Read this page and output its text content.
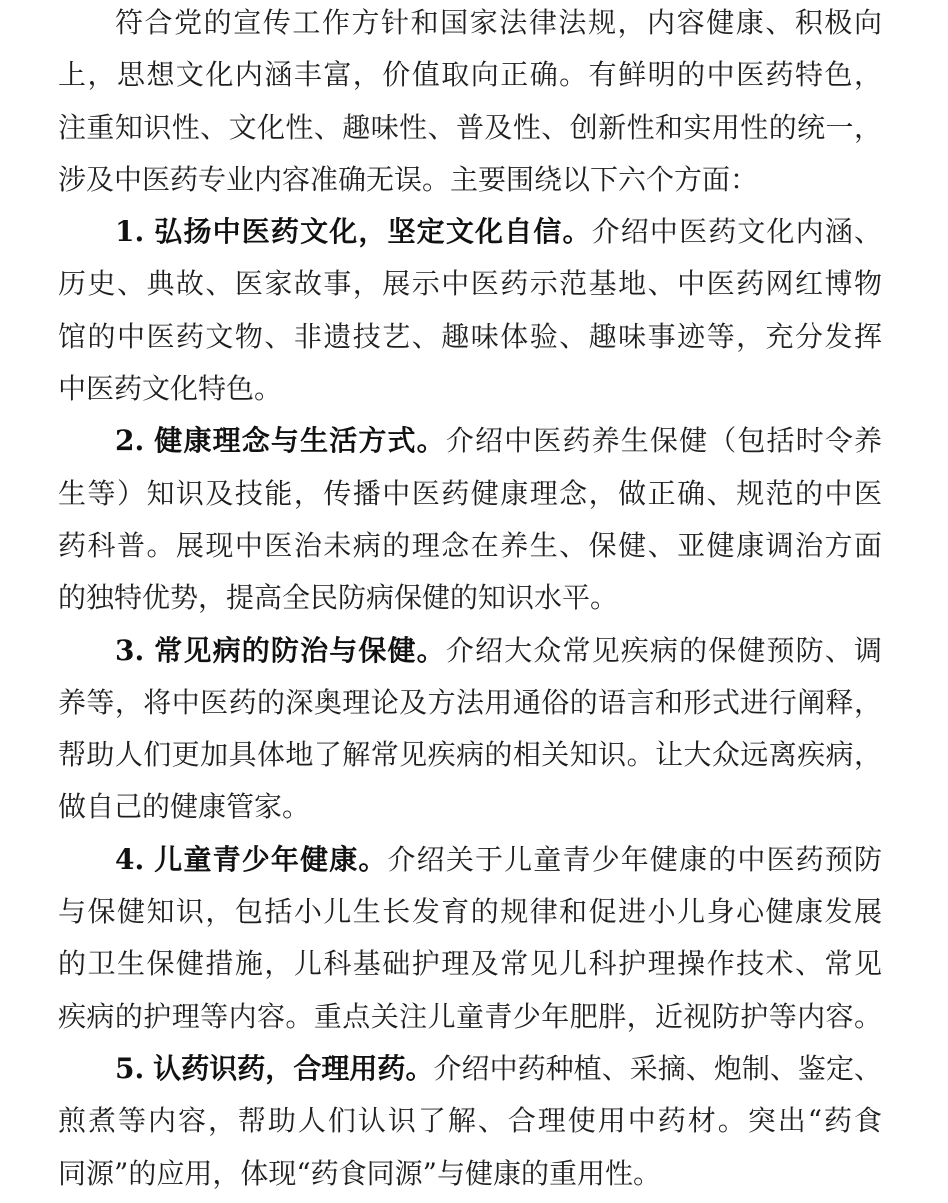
符合党的宣传工作方针和国家法律法规，内容健康、积极向
上，思想文化内涵丰富，价值取向正确。有鲜明的中医药特色，
注重知识性、文化性、趣味性、普及性、创新性和实用性的统一，
涉及中医药专业内容准确无误。主要围绕以下六个方面：
1. 弘扬中医药文化，坚定文化自信。介绍中医药文化内涵、
历史、典故、医家故事，展示中医药示范基地、中医药网红博物
馆的中医药文物、非遗技艺、趣味体验、趣味事迹等，充分发挥
中医药文化特色。
2. 健康理念与生活方式。介绍中医药养生保健（包括时令养
生等）知识及技能，传播中医药健康理念，做正确、规范的中医
药科普。展现中医治未病的理念在养生、保健、亚健康调治方面
的独特优势，提高全民防病保健的知识水平。
3. 常见病的防治与保健。介绍大众常见疾病的保健预防、调
养等，将中医药的深奥理论及方法用通俗的语言和形式进行阐释，
帮助人们更加具体地了解常见疾病的相关知识。让大众远离疾病，
做自己的健康管家。
4. 儿童青少年健康。介绍关于儿童青少年健康的中医药预防
与保健知识，包括小儿生长发育的规律和促进小儿身心健康发展
的卫生保健措施，儿科基础护理及常见儿科护理操作技术、常见
疾病的护理等内容。重点关注儿童青少年肥胖，近视防护等内容。
5. 认药识药，合理用药。介绍中药种植、采摘、炮制、鉴定、
煎煮等内容，帮助人们认识了解、合理使用中药材。突出“药食
同源”的应用，体现“药食同源”与健康的重用性。
